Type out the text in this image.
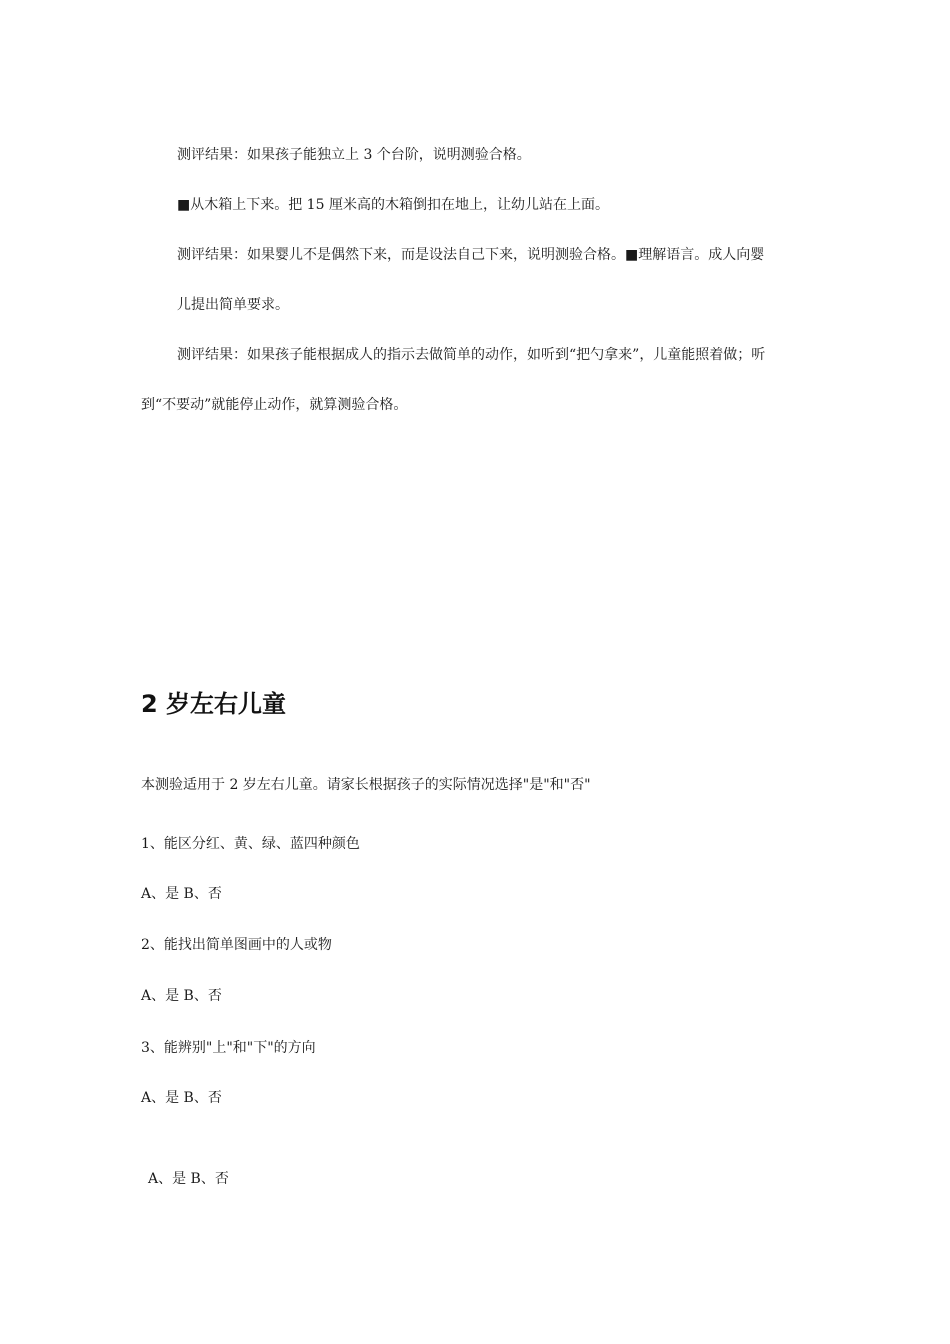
测评结果：如果孩子能独立上 3 个台阶，说明测验合格。
■从木箱上下来。把 15 厘米高的木箱倒扣在地上，让幼儿站在上面。
测评结果：如果婴儿不是偶然下来，而是设法自己下来，说明测验合格。■理解语言。成人向婴
儿提出简单要求。
测评结果：如果孩子能根据成人的指示去做简单的动作，如听到“把勺拿来”，儿童能照着做；听
到“不要动”就能停止动作，就算测验合格。
2 岁左右儿童
本测验适用于 2 岁左右儿童。请家长根据孩子的实际情况选择"是"和"否"
1、能区分红、黄、绿、蓝四种颜色
A、是 B、否
2、能找出简单图画中的人或物
A、是 B、否
3、能辨别"上"和"下"的方向
A、是 B、否
A、是 B、否
